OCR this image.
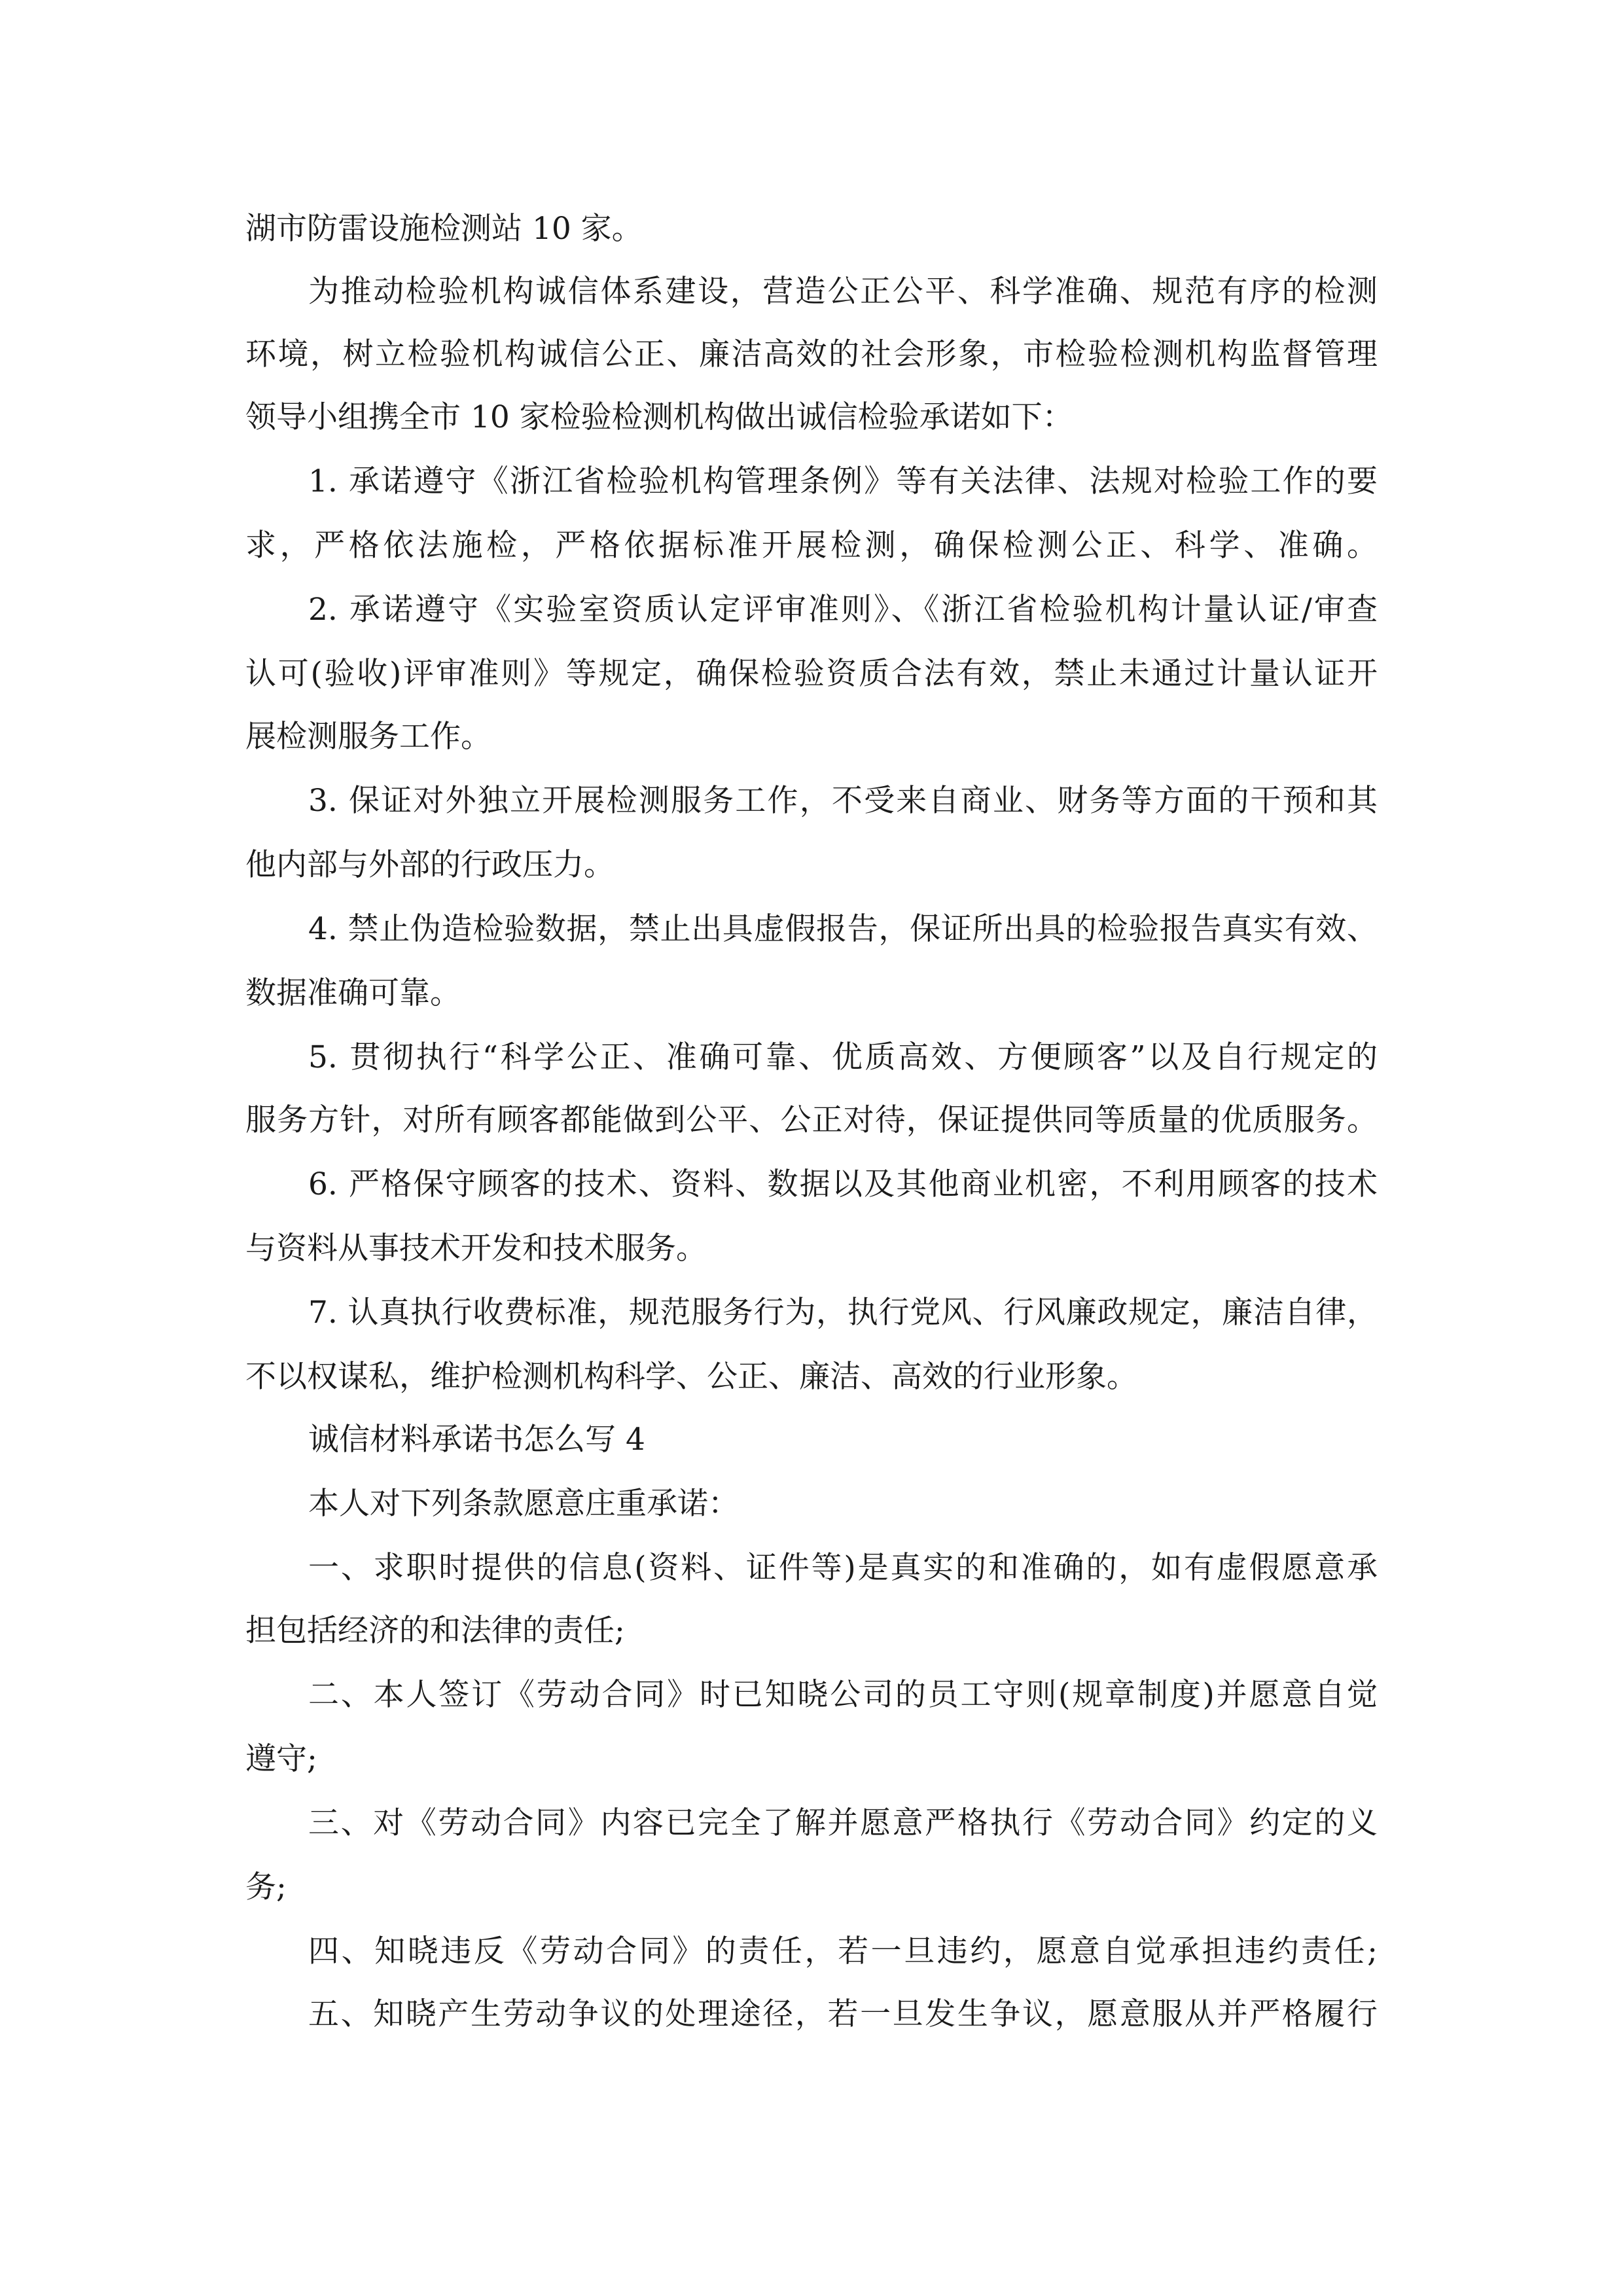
湖市防雷设施检测站 10 家。
为推动检验机构诚信体系建设，营造公正公平、科学准确、规范有序的检测
环境，树立检验机构诚信公正、廉洁高效的社会形象，市检验检测机构监督管理
领导小组携全市 10 家检验检测机构做出诚信检验承诺如下：
1. 承诺遵守《浙江省检验机构管理条例》等有关法律、法规对检验工作的要
求，严格依法施检，严格依据标准开展检测，确保检测公正、科学、准确。
2. 承诺遵守《实验室资质认定评审准则》、《浙江省检验机构计量认证/审查
认可(验收)评审准则》等规定，确保检验资质合法有效，禁止未通过计量认证开
展检测服务工作。
3. 保证对外独立开展检测服务工作，不受来自商业、财务等方面的干预和其
他内部与外部的行政压力。
4. 禁止伪造检验数据，禁止出具虚假报告，保证所出具的检验报告真实有效、
数据准确可靠。
5. 贯彻执行“科学公正、准确可靠、优质高效、方便顾客”以及自行规定的
服务方针，对所有顾客都能做到公平、公正对待，保证提供同等质量的优质服务。
6. 严格保守顾客的技术、资料、数据以及其他商业机密，不利用顾客的技术
与资料从事技术开发和技术服务。
7. 认真执行收费标准，规范服务行为，执行党风、行风廉政规定，廉洁自律，
不以权谋私，维护检测机构科学、公正、廉洁、高效的行业形象。
诚信材料承诺书怎么写 4
本人对下列条款愿意庄重承诺：
一、求职时提供的信息(资料、证件等)是真实的和准确的，如有虚假愿意承
担包括经济的和法律的责任;
二、本人签订《劳动合同》时已知晓公司的员工守则(规章制度)并愿意自觉
遵守;
三、对《劳动合同》内容已完全了解并愿意严格执行《劳动合同》约定的义
务;
四、知晓违反《劳动合同》的责任，若一旦违约，愿意自觉承担违约责任;
五、知晓产生劳动争议的处理途径，若一旦发生争议，愿意服从并严格履行
